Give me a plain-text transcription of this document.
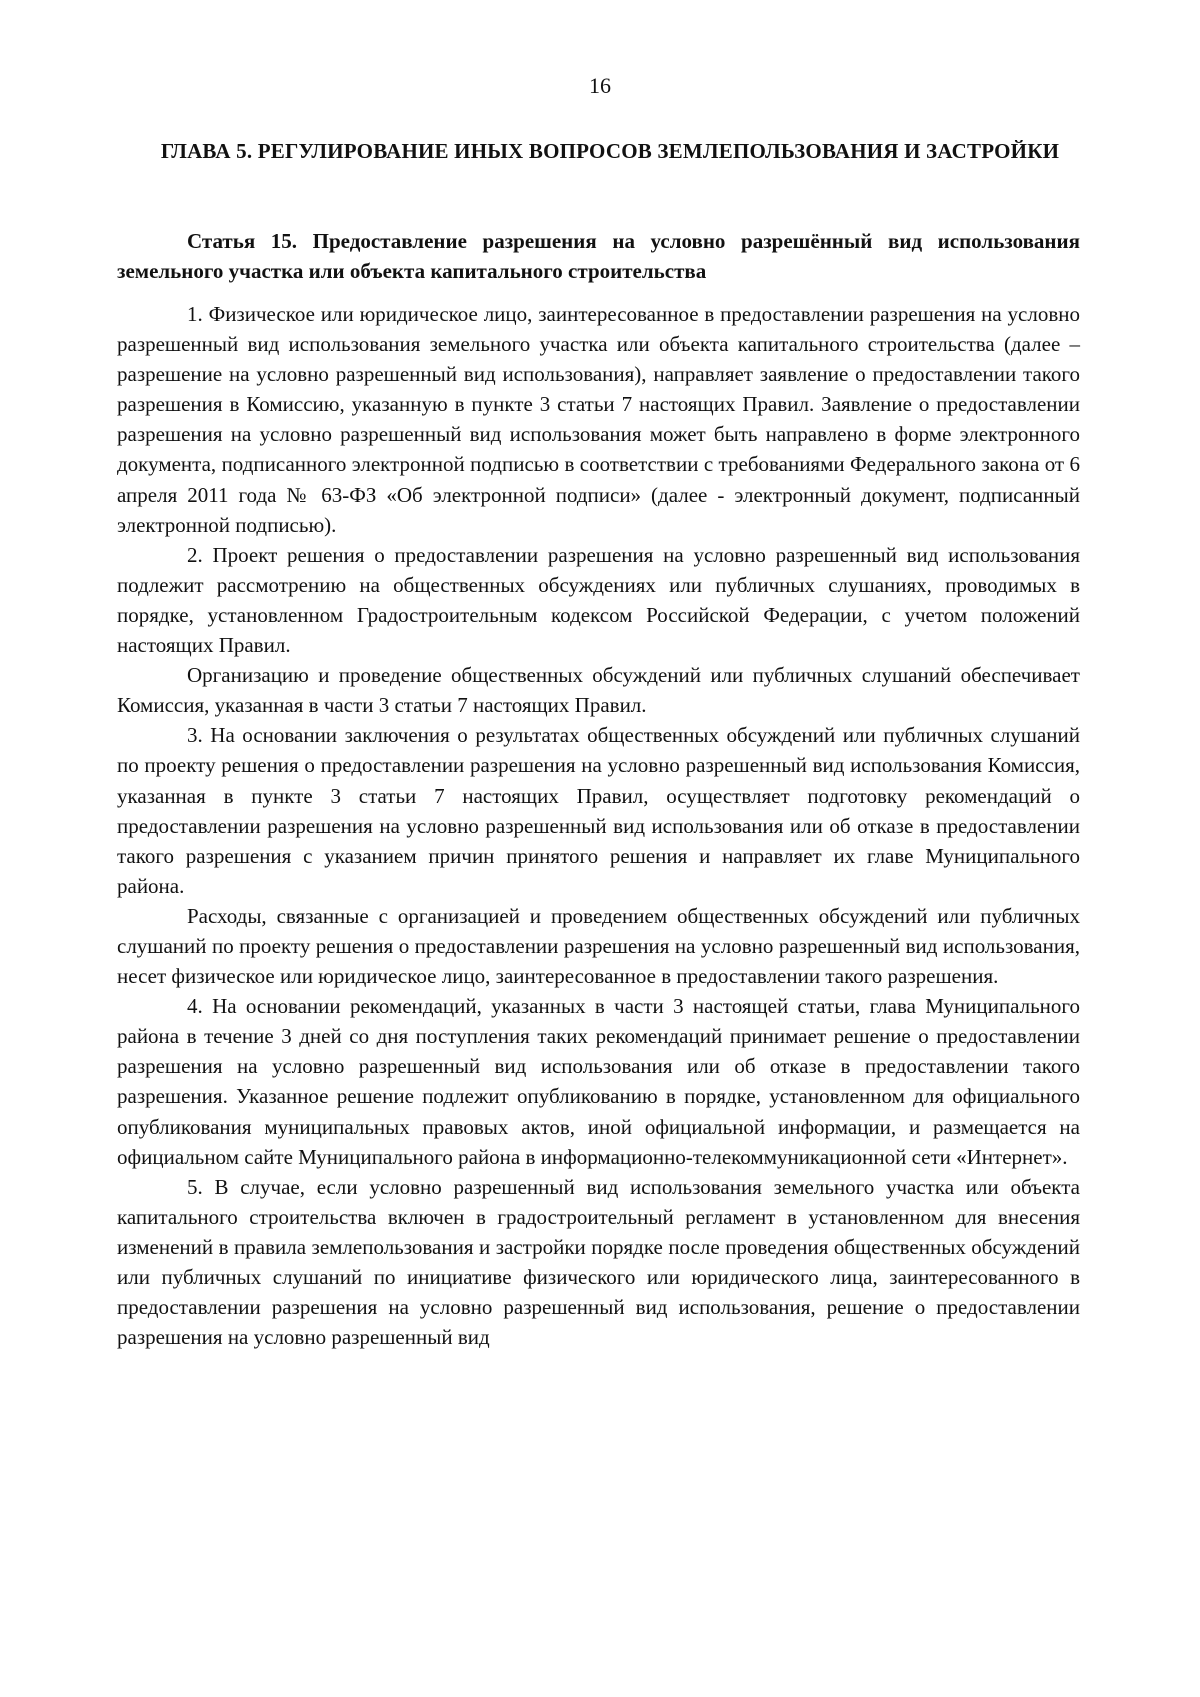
16
ГЛАВА 5. РЕГУЛИРОВАНИЕ ИНЫХ ВОПРОСОВ ЗЕМЛЕПОЛЬЗОВАНИЯ И ЗАСТРОЙКИ
Статья 15. Предоставление разрешения на условно разрешённый вид использования земельного участка или объекта капитального строительства

1. Физическое или юридическое лицо, заинтересованное в предоставлении разрешения на условно разрешенный вид использования земельного участка или объекта капитального строительства (далее – разрешение на условно разрешенный вид использования), направляет заявление о предоставлении такого разрешения в Комиссию, указанную в пункте 3 статьи 7 настоящих Правил. Заявление о предоставлении разрешения на условно разрешенный вид использования может быть направлено в форме электронного документа, подписанного электронной подписью в соответствии с требованиями Федерального закона от 6 апреля 2011 года № 63-ФЗ «Об электронной подписи» (далее - электронный документ, подписанный электронной подписью).

2. Проект решения о предоставлении разрешения на условно разрешенный вид использования подлежит рассмотрению на общественных обсуждениях или публичных слушаниях, проводимых в порядке, установленном Градостроительным кодексом Российской Федерации, с учетом положений настоящих Правил.

Организацию и проведение общественных обсуждений или публичных слушаний обеспечивает Комиссия, указанная в части 3 статьи 7 настоящих Правил.

3. На основании заключения о результатах общественных обсуждений или публичных слушаний по проекту решения о предоставлении разрешения на условно разрешенный вид использования Комиссия, указанная в пункте 3 статьи 7 настоящих Правил, осуществляет подготовку рекомендаций о предоставлении разрешения на условно разрешенный вид использования или об отказе в предоставлении такого разрешения с указанием причин принятого решения и направляет их главе Муниципального района.

Расходы, связанные с организацией и проведением общественных обсуждений или публичных слушаний по проекту решения о предоставлении разрешения на условно разрешенный вид использования, несет физическое или юридическое лицо, заинтересованное в предоставлении такого разрешения.

4. На основании рекомендаций, указанных в части 3 настоящей статьи, глава Муниципального района в течение 3 дней со дня поступления таких рекомендаций принимает решение о предоставлении разрешения на условно разрешенный вид использования или об отказе в предоставлении такого разрешения. Указанное решение подлежит опубликованию в порядке, установленном для официального опубликования муниципальных правовых актов, иной официальной информации, и размещается на официальном сайте Муниципального района в информационно-телекоммуникационной сети «Интернет».

5. В случае, если условно разрешенный вид использования земельного участка или объекта капитального строительства включен в градостроительный регламент в установленном для внесения изменений в правила землепользования и застройки порядке после проведения общественных обсуждений или публичных слушаний по инициативе физического или юридического лица, заинтересованного в предоставлении разрешения на условно разрешенный вид использования, решение о предоставлении разрешения на условно разрешенный вид
